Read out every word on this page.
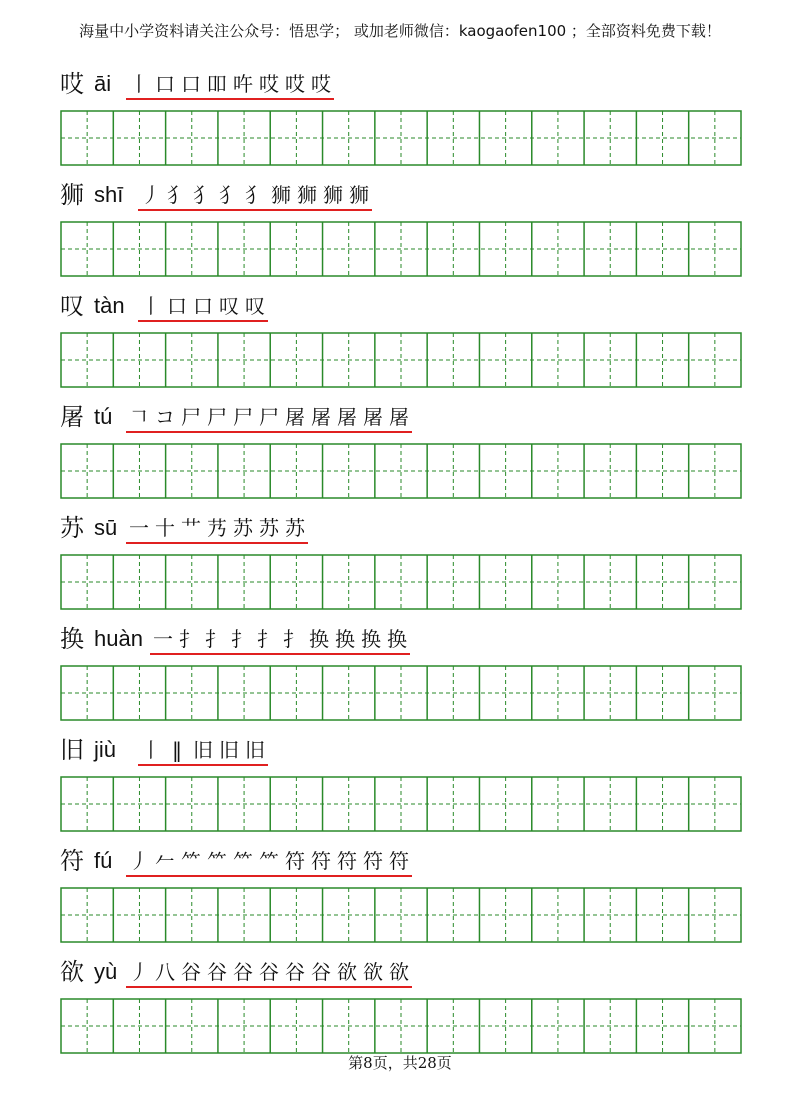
海量中小学资料请关注公众号：悟思学； 或加老师微信：kaogaofen100 ；全部资料免费下载！
哎 āi 丨 口 口 吅 吘 哎 哎 哎
狮 shī 丿 犭 犭 犭 犭 狮 狮 狮 狮
叹 tàn 丨 口 口 叹 叹
屠 tú 𠃍 コ 尸 尸 尸 尸 屠 屠 屠 屠 屠
苏 sū 一 十 艹 艿 苏 苏 苏
换 huàn 一 扌 扌 扌 扌 扌 换 换 换 换
旧 jiù 丨 ‖ 旧 旧 旧
符 fú 丿 𠂉 ⺮ ⺮ ⺮ ⺮ 符 符 符 符 符
欲 yù 丿 八 谷 谷 谷 谷 谷 谷 欲 欲 欲
第8页，共28页
